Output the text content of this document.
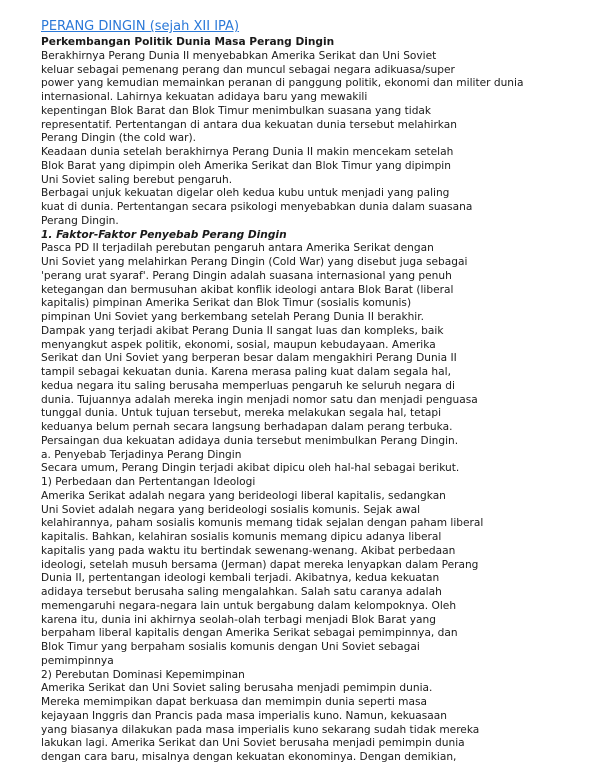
PERANG DINGIN (sejah XII IPA)
Perkembangan Politik Dunia Masa Perang Dingin
Berakhirnya Perang Dunia II menyebabkan Amerika Serikat dan Uni Soviet
keluar sebagai pemenang perang dan muncul sebagai negara adikuasa/super
power yang kemudian memainkan peranan di panggung politik, ekonomi dan militer dunia
internasional. Lahirnya kekuatan adidaya baru yang mewakili
kepentingan Blok Barat dan Blok Timur menimbulkan suasana yang tidak
representatif. Pertentangan di antara dua kekuatan dunia tersebut melahirkan
Perang Dingin (the cold war).
Keadaan dunia setelah berakhirnya Perang Dunia II makin mencekam setelah
Blok Barat yang dipimpin oleh Amerika Serikat dan Blok Timur yang dipimpin
Uni Soviet saling berebut pengaruh.
Berbagai unjuk kekuatan digelar oleh kedua kubu untuk menjadi yang paling
kuat di dunia. Pertentangan secara psikologi menyebabkan dunia dalam suasana
Perang Dingin.
1. Faktor-Faktor Penyebab Perang Dingin
Pasca PD II terjadilah perebutan pengaruh antara Amerika Serikat dengan
Uni Soviet yang melahirkan Perang Dingin (Cold War) yang disebut juga sebagai
'perang urat syaraf'. Perang Dingin adalah suasana internasional yang penuh
ketegangan dan bermusuhan akibat konflik ideologi antara Blok Barat (liberal
kapitalis) pimpinan Amerika Serikat dan Blok Timur (sosialis komunis)
pimpinan Uni Soviet yang berkembang setelah Perang Dunia II berakhir.
Dampak yang terjadi akibat Perang Dunia II sangat luas dan kompleks, baik
menyangkut aspek politik, ekonomi, sosial, maupun kebudayaan. Amerika
Serikat dan Uni Soviet yang berperan besar dalam mengakhiri Perang Dunia II
tampil sebagai kekuatan dunia. Karena merasa paling kuat dalam segala hal,
kedua negara itu saling berusaha memperluas pengaruh ke seluruh negara di
dunia. Tujuannya adalah mereka ingin menjadi nomor satu dan menjadi penguasa
tunggal dunia. Untuk tujuan tersebut, mereka melakukan segala hal, tetapi
keduanya belum pernah secara langsung berhadapan dalam perang terbuka.
Persaingan dua kekuatan adidaya dunia tersebut menimbulkan Perang Dingin.
a. Penyebab Terjadinya Perang Dingin
Secara umum, Perang Dingin terjadi akibat dipicu oleh hal-hal sebagai berikut.
1) Perbedaan dan Pertentangan Ideologi
Amerika Serikat adalah negara yang berideologi liberal kapitalis, sedangkan
Uni Soviet adalah negara yang berideologi sosialis komunis. Sejak awal
kelahirannya, paham sosialis komunis memang tidak sejalan dengan paham liberal
kapitalis. Bahkan, kelahiran sosialis komunis memang dipicu adanya liberal
kapitalis yang pada waktu itu bertindak sewenang-wenang. Akibat perbedaan
ideologi, setelah musuh bersama (Jerman) dapat mereka lenyapkan dalam Perang
Dunia II, pertentangan ideologi kembali terjadi. Akibatnya, kedua kekuatan
adidaya tersebut berusaha saling mengalahkan. Salah satu caranya adalah
memengaruhi negara-negara lain untuk bergabung dalam kelompoknya. Oleh
karena itu, dunia ini akhirnya seolah-olah terbagi menjadi Blok Barat yang
berpaham liberal kapitalis dengan Amerika Serikat sebagai pemimpinnya, dan
Blok Timur yang berpaham sosialis komunis dengan Uni Soviet sebagai
pemimpinnya
2) Perebutan Dominasi Kepemimpinan
Amerika Serikat dan Uni Soviet saling berusaha menjadi pemimpin dunia.
Mereka memimpikan dapat berkuasa dan memimpin dunia seperti masa
kejayaan Inggris dan Prancis pada masa imperialis kuno. Namun, kekuasaan
yang biasanya dilakukan pada masa imperialis kuno sekarang sudah tidak mereka
lakukan lagi. Amerika Serikat dan Uni Soviet berusaha menjadi pemimpin dunia
dengan cara baru, misalnya dengan kekuatan ekonominya. Dengan demikian,
